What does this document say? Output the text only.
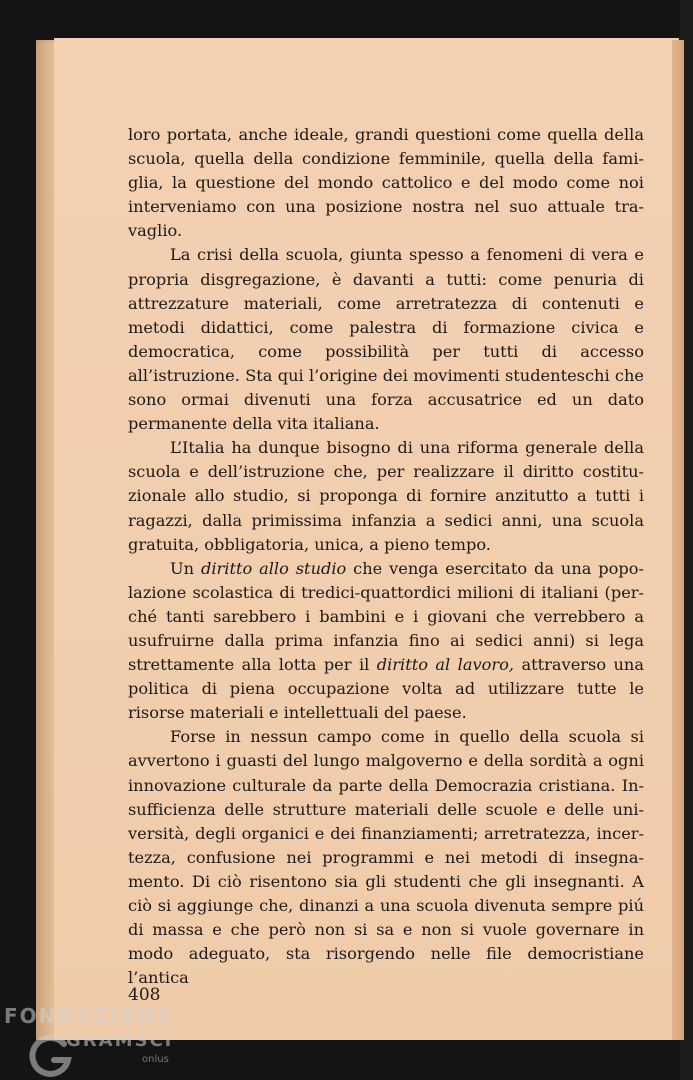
loro portata, anche ideale, grandi questioni come quella della scuola, quella della condizione femminile, quella della famiglia, la questione del mondo cattolico e del modo come noi interveniamo con una posizione nostra nel suo attuale travaglio.

La crisi della scuola, giunta spesso a fenomeni di vera e propria disgregazione, è davanti a tutti: come penuria di attrezzature materiali, come arretratezza di contenuti e metodi didattici, come palestra di formazione civica e democratica, come possibilità per tutti di accesso all’istruzione. Sta qui l’origine dei movimenti studenteschi che sono ormai divenuti una forza accusatrice ed un dato permanente della vita italiana.

L’Italia ha dunque bisogno di una riforma generale della scuola e dell’istruzione che, per realizzare il diritto costituzionale allo studio, si proponga di fornire anzitutto a tutti i ragazzi, dalla primissima infanzia a sedici anni, una scuola gratuita, obbligatoria, unica, a pieno tempo.

Un diritto allo studio che venga esercitato da una popolazione scolastica di tredici-quattordici milioni di italiani (perché tanti sarebbero i bambini e i giovani che verrebbero a usufruirne dalla prima infanzia fino ai sedici anni) si lega strettamente alla lotta per il diritto al lavoro, attraverso una politica di piena occupazione volta ad utilizzare tutte le risorse materiali e intellettuali del paese.

Forse in nessun campo come in quello della scuola si avvertono i guasti del lungo malgoverno e della sordità a ogni innovazione culturale da parte della Democrazia cristiana. Insufficienza delle strutture materiali delle scuole e delle università, degli organici e dei finanziamenti; arretratezza, incertezza, confusione nei programmi e nei metodi di insegnamento. Di ciò risentono sia gli studenti che gli insegnanti. A ciò si aggiunge che, dinanzi a una scuola divenuta sempre piú di massa e che però non si sa e non si vuole governare in modo adeguato, sta risorgendo nelle file democristiane l’antica

408
FONDAZIONE
GRAMSCI
onlus
